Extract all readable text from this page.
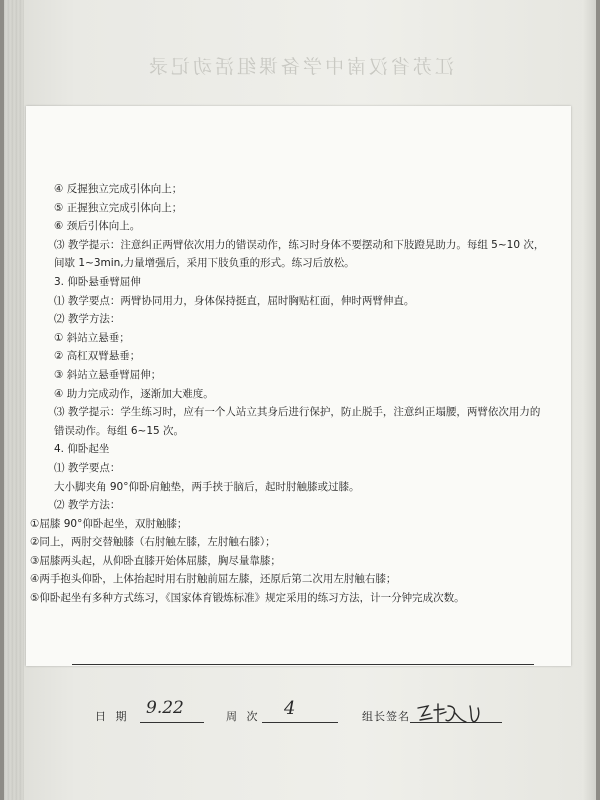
江苏省汉南中学备课组活动记录

④ 反握独立完成引体向上；

⑤ 正握独立完成引体向上；

⑥ 颈后引体向上。

⑶ 教学提示：注意纠正两臂依次用力的错误动作，练习时身体不要摆动和下肢蹬晃助力。每组 5~10 次，间歇 1~3min,力量增强后，采用下肢负重的形式。练习后放松。

3. 仰卧悬垂臂屈伸

⑴ 教学要点：两臂协同用力，身体保持挺直，屈时胸贴杠面，伸时两臂伸直。

⑵ 教学方法：

① 斜站立悬垂；

② 高杠双臂悬垂；

③ 斜站立悬垂臂屈伸；

④ 助力完成动作，逐渐加大难度。

⑶ 教学提示：学生练习时，应有一个人站立其身后进行保护，防止脱手，注意纠正塌腰，两臂依次用力的错误动作。每组 6~15 次。

4. 仰卧起坐

⑴ 教学要点：

大小脚夹角 90°仰卧肩触垫，两手挟于脑后，起时肘触膝或过膝。

⑵ 教学方法：

①屈膝 90°仰卧起坐，双肘触膝；

②同上，两肘交替触膝（右肘触左膝，左肘触右膝）；

③屈膝两头起，从仰卧直膝开始体屈膝，胸尽量靠膝；

④两手抱头仰卧，上体抬起时用右肘触前屈左膝，还原后第二次用左肘触右膝；

⑤仰卧起坐有多种方式练习，《国家体育锻炼标准》规定采用的练习方法，计一分钟完成次数。

日 期 9.22	周 次 4	组长签名
